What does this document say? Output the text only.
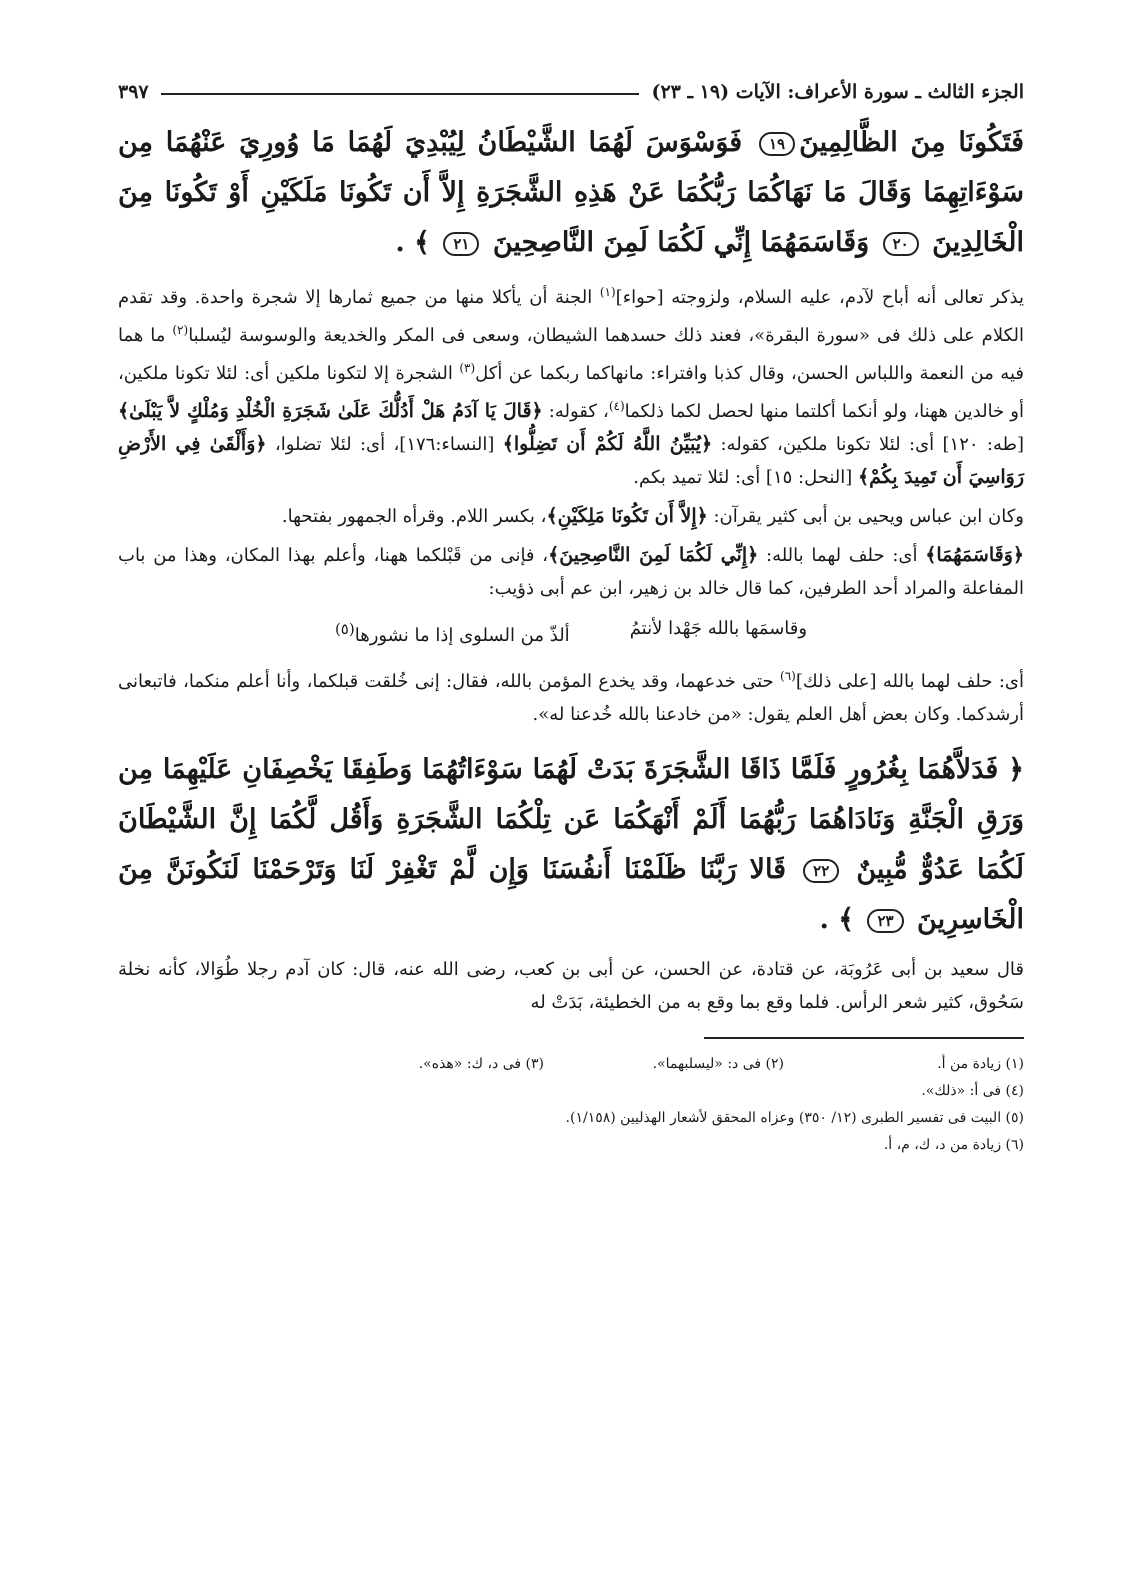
الجزء الثالث ـ سورة الأعراف: الآيات (١٩ ـ ٢٣)
٣٩٧
فَتَكُونَا مِنَ الظَّالِمِينَ١٩ فَوَسْوَسَ لَهُمَا الشَّيْطَانُ لِيُبْدِيَ لَهُمَا مَا وُورِيَ عَنْهُمَا مِن سَوْءَاتِهِمَا وَقَالَ مَا نَهَاكُمَا رَبُّكُمَا عَنْ هَذِهِ الشَّجَرَةِ إِلاَّ أَن تَكُونَا مَلَكَيْنِ أَوْ تَكُونَا مِنَ الْخَالِدِينَ ٢٠ وَقَاسَمَهُمَا إِنِّي لَكُمَا لَمِنَ النَّاصِحِينَ ٢١ ﴾ .

يذكر تعالى أنه أباح لآدم، عليه السلام، ولزوجته [حواء]$^{(١)}$ الجنة أن يأكلا منها من جميع ثمارها إلا شجرة واحدة. وقد تقدم الكلام على ذلك فى «سورة البقرة»، فعند ذلك حسدهما الشيطان، وسعى فى المكر والخديعة والوسوسة ليُسلبا$^{(٢)}$ ما هما فيه من النعمة واللباس الحسن، وقال كذبا وافتراء: مانهاكما ربكما عن أكل$^{(٣)}$ الشجرة إلا لتكونا ملكين أى: لئلا تكونا ملكين، أو خالدين ههنا، ولو أنكما أكلتما منها لحصل لكما ذلكما$^{(٤)}$، كقوله: ﴿قَالَ يَا آدَمُ هَلْ أَدُلُّكَ عَلَىٰ شَجَرَةِ الْخُلْدِ وَمُلْكٍ لاَّ يَبْلَىٰ﴾ [طه: ١٢٠] أى: لئلا تكونا ملكين، كقوله: ﴿يُبَيِّنُ اللَّهُ لَكُمْ أَن تَضِلُّوا﴾ [النساء:١٧٦]، أى: لئلا تضلوا، ﴿وَأَلْقَىٰ فِي الأَرْضِ رَوَاسِيَ أَن تَمِيدَ بِكُمْ﴾ [النحل: ١٥] أى: لئلا تميد بكم.

وكان ابن عباس ويحيى بن أبى كثير يقرآن: ﴿إِلاَّ أَن تَكُونَا مَلِكَيْنِ﴾، بكسر اللام. وقرأه الجمهور بفتحها.

﴿وَقَاسَمَهُمَا﴾ أى: حلف لهما بالله: ﴿إِنِّي لَكُمَا لَمِنَ النَّاصِحِينَ﴾، فإنى من قَبْلكما ههنا، وأعلم بهذا المكان، وهذا من باب المفاعلة والمراد أحد الطرفين، كما قال خالد بن زهير، ابن عم أبى ذؤيب:

وقاسمَها بالله جَهْدا لأنتمُ
ألذّ من السلوى إذا ما نشورها$^{(٥)}$

أى: حلف لهما بالله [على ذلك]$^{(٦)}$ حتى خدعهما، وقد يخدع المؤمن بالله، فقال: إنى خُلقت قبلكما، وأنا أعلم منكما، فاتبعانى أرشدكما. وكان بعض أهل العلم يقول: «من خادعنا بالله خُدعنا له».

﴿ فَدَلاَّهُمَا بِغُرُورٍ فَلَمَّا ذَاقَا الشَّجَرَةَ بَدَتْ لَهُمَا سَوْءَاتُهُمَا وَطَفِقَا يَخْصِفَانِ عَلَيْهِمَا مِن وَرَقِ الْجَنَّةِ وَنَادَاهُمَا رَبُّهُمَا أَلَمْ أَنْهَكُمَا عَن تِلْكُمَا الشَّجَرَةِ وَأَقُل لَّكُمَا إِنَّ الشَّيْطَانَ لَكُمَا عَدُوٌّ مُّبِينٌ ٢٢ قَالا رَبَّنَا ظَلَمْنَا أَنفُسَنَا وَإِن لَّمْ تَغْفِرْ لَنَا وَتَرْحَمْنَا لَنَكُونَنَّ مِنَ الْخَاسِرِينَ ٢٣ ﴾ .

قال سعيد بن أبى عَرُوبَة، عن قتادة، عن الحسن، عن أبى بن كعب، رضى الله عنه، قال: كان آدم رجلا طُوَالا، كأنه نخلة سَحُوق، كثير شعر الرأس. فلما وقع بما وقع به من الخطيئة، بَدَتْ له

(١) زيادة من أ.
(٢) فى د: «ليسلبهما».
(٣) فى د، ك: «هذه».
(٤) فى أ: «ذلك».
(٥) البيت فى تفسير الطبرى (١٢/ ٣٥٠) وعزاه المحقق لأشعار الهذليين (١/١٥٨).
(٦) زيادة من د، ك، م، أ.
